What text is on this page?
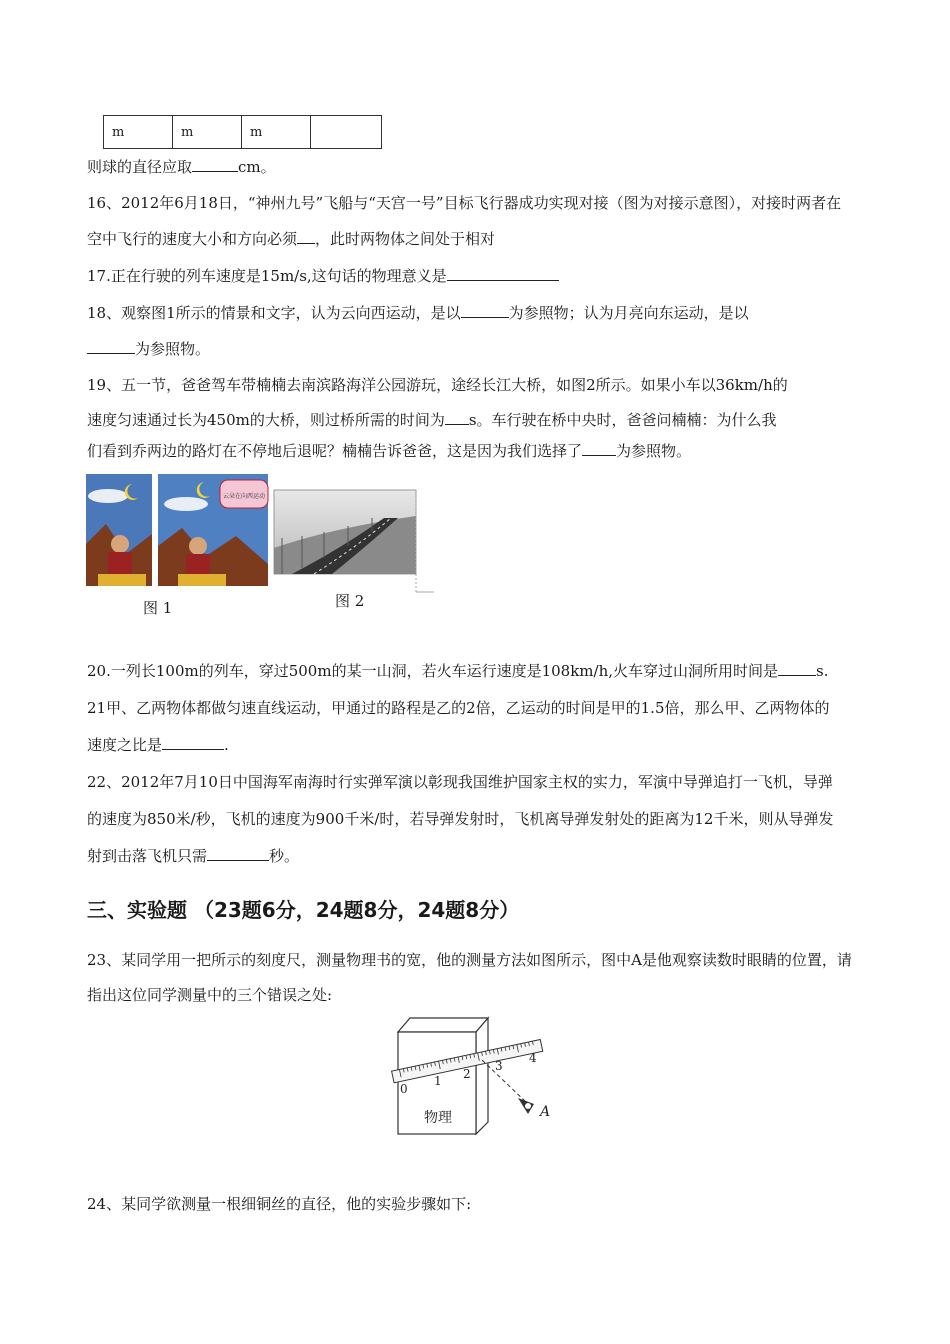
m	m	m	
则球的直径应取	cm。
16、2012年6月18日，“神州九号”飞船与“天宫一号”目标飞行器成功实现对接（图为对接示意图），对接时两者在
空中飞行的速度大小和方向必须 ，此时两物体之间处于相对
17.正在行驶的列车速度是15m/s,这句话的物理意义是
18、观察图1所示的情景和文字，认为云向西运动，是以	为参照物；认为月亮向东运动，是以
为参照物。
19、五一节，爸爸驾车带楠楠去南滨路海洋公园游玩，途经长江大桥，如图2所示。如果小车以36km/h的
速度匀速通过长为450m的大桥，则过桥所需的时间为 s。车行驶在桥中央时，爸爸问楠楠：为什么我
们看到乔两边的路灯在不停地后退呢？楠楠告诉爸爸，这是因为我们选择了 为参照物。
云朵在向西运动
图 1	图 2
20.一列长100m的列车，穿过500m的某一山洞，若火车运行速度是108km/h,火车穿过山洞所用时间是	s.
21甲、乙两物体都做匀速直线运动，甲通过的路程是乙的2倍，乙运动的时间是甲的1.5倍，那么甲、乙两物体的
速度之比是	.
22、2012年7月10日中国海军南海时行实弹军演以彰现我国维护国家主权的实力，军演中导弹追打一飞机，导弹
的速度为850米/秒，飞机的速度为900千米/时，若导弹发射时，飞机离导弹发射处的距离为12千米，则从导弹发
射到击落飞机只需	秒。
三、实验题 （23题6分，24题8分，24题8分）
23、某同学用一把所示的刻度尺，测量物理书的宽，他的测量方法如图所示，图中A是他观察读数时眼睛的位置，请
指出这位同学测量中的三个错误之处:
物理
0
1 2
3
4
A
24、某同学欲测量一根细铜丝的直径，他的实验步骤如下:
